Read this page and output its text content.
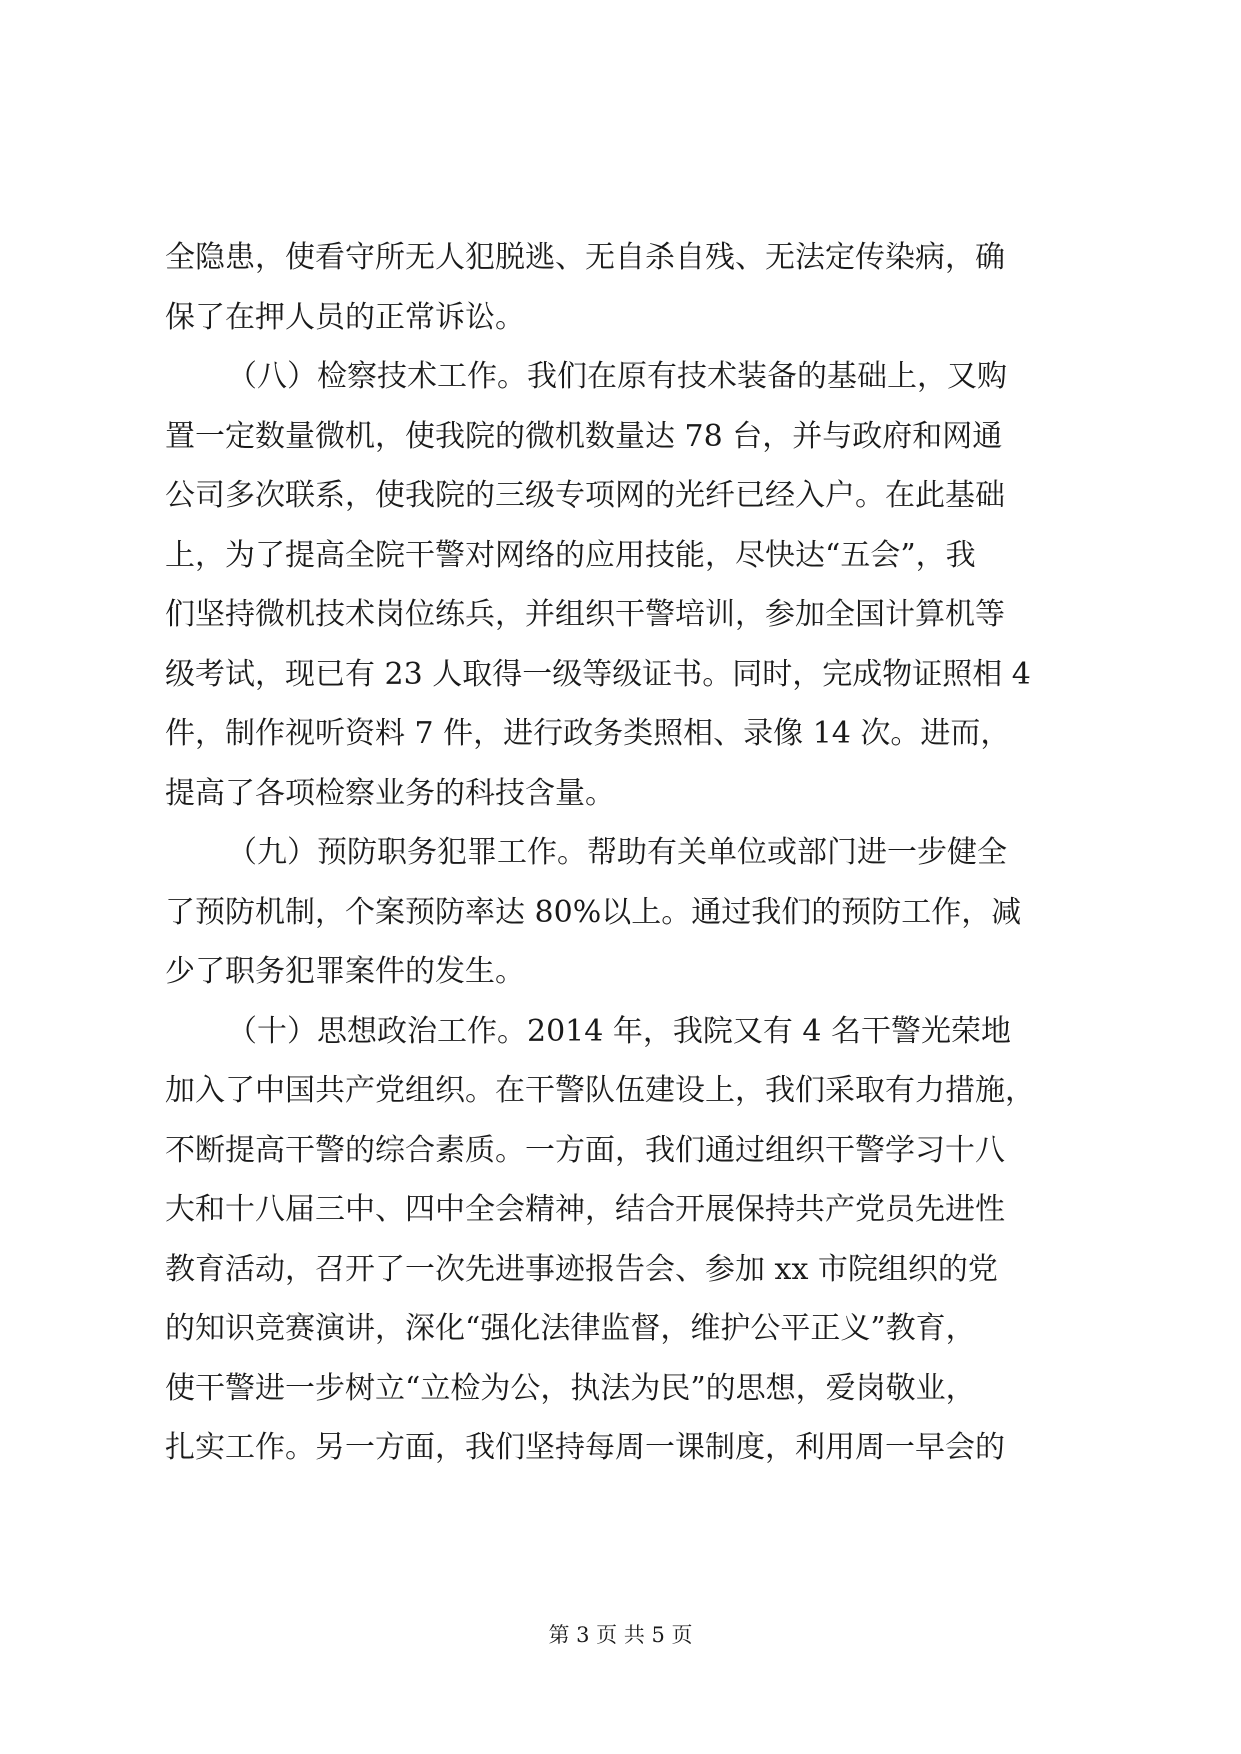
全隐患，使看守所无人犯脱逃、无自杀自残、无法定传染病，确
保了在押人员的正常诉讼。
（八）检察技术工作。我们在原有技术装备的基础上，又购
置一定数量微机，使我院的微机数量达 78 台，并与政府和网通
公司多次联系，使我院的三级专项网的光纤已经入户。在此基础
上，为了提高全院干警对网络的应用技能，尽快达“五会”，我
们坚持微机技术岗位练兵，并组织干警培训，参加全国计算机等
级考试，现已有 23 人取得一级等级证书。同时，完成物证照相 4
件，制作视听资料 7 件，进行政务类照相、录像 14 次。进而，
提高了各项检察业务的科技含量。
（九）预防职务犯罪工作。帮助有关单位或部门进一步健全
了预防机制，个案预防率达 80%以上。通过我们的预防工作，减
少了职务犯罪案件的发生。
（十）思想政治工作。2014 年，我院又有 4 名干警光荣地
加入了中国共产党组织。在干警队伍建设上，我们采取有力措施，
不断提高干警的综合素质。一方面，我们通过组织干警学习十八
大和十八届三中、四中全会精神，结合开展保持共产党员先进性
教育活动，召开了一次先进事迹报告会、参加 xx 市院组织的党
的知识竞赛演讲，深化“强化法律监督，维护公平正义”教育，
使干警进一步树立“立检为公，执法为民”的思想，爱岗敬业，
扎实工作。另一方面，我们坚持每周一课制度，利用周一早会的
第 3 页 共 5 页
